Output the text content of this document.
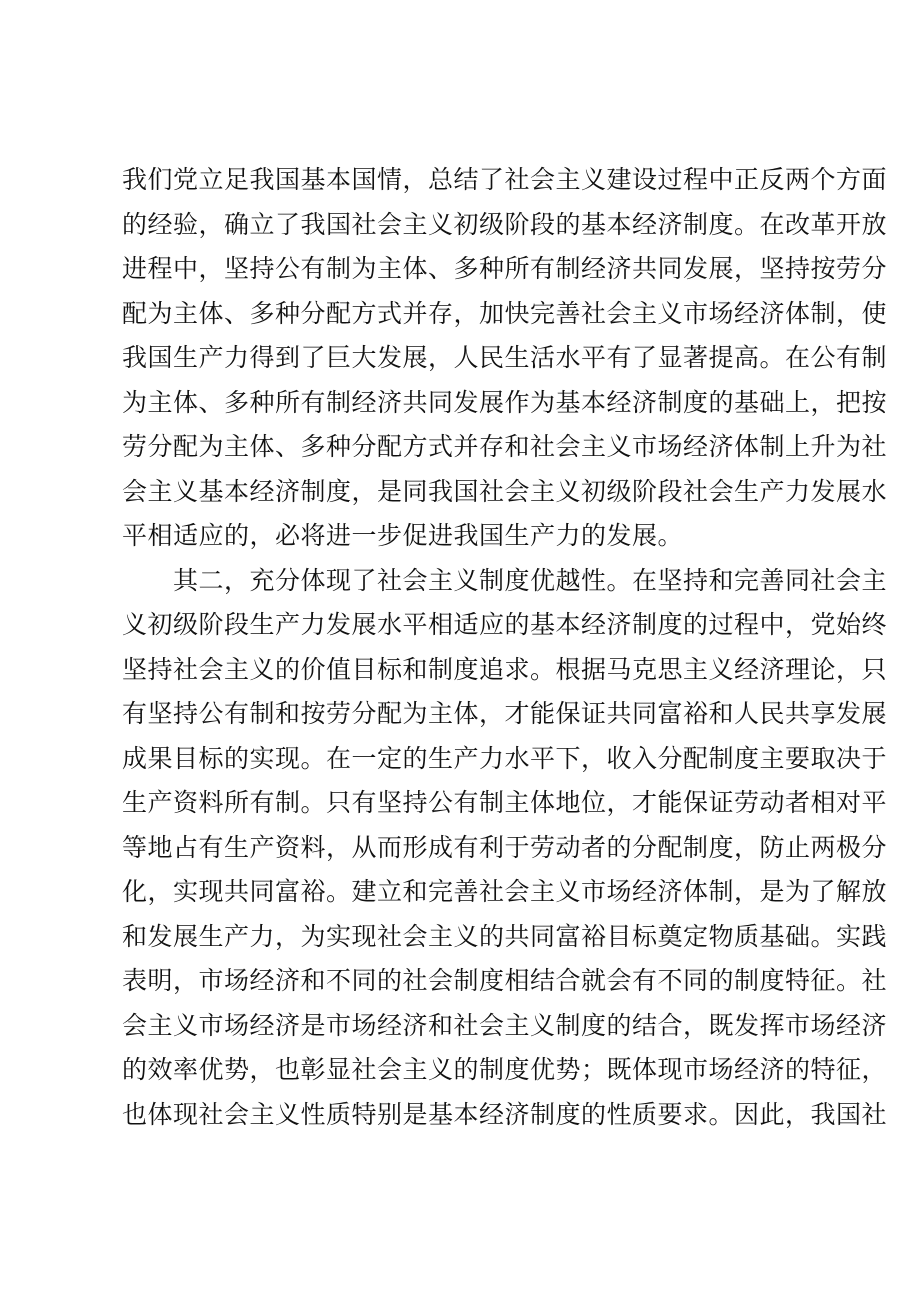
我们党立足我国基本国情，总结了社会主义建设过程中正反两个方面
的经验，确立了我国社会主义初级阶段的基本经济制度。在改革开放
进程中，坚持公有制为主体、多种所有制经济共同发展，坚持按劳分
配为主体、多种分配方式并存，加快完善社会主义市场经济体制，使
我国生产力得到了巨大发展，人民生活水平有了显著提高。在公有制
为主体、多种所有制经济共同发展作为基本经济制度的基础上，把按
劳分配为主体、多种分配方式并存和社会主义市场经济体制上升为社
会主义基本经济制度，是同我国社会主义初级阶段社会生产力发展水
平相适应的，必将进一步促进我国生产力的发展。
　　其二，充分体现了社会主义制度优越性。在坚持和完善同社会主
义初级阶段生产力发展水平相适应的基本经济制度的过程中，党始终
坚持社会主义的价值目标和制度追求。根据马克思主义经济理论，只
有坚持公有制和按劳分配为主体，才能保证共同富裕和人民共享发展
成果目标的实现。在一定的生产力水平下，收入分配制度主要取决于
生产资料所有制。只有坚持公有制主体地位，才能保证劳动者相对平
等地占有生产资料，从而形成有利于劳动者的分配制度，防止两极分
化，实现共同富裕。建立和完善社会主义市场经济体制，是为了解放
和发展生产力，为实现社会主义的共同富裕目标奠定物质基础。实践
表明，市场经济和不同的社会制度相结合就会有不同的制度特征。社
会主义市场经济是市场经济和社会主义制度的结合，既发挥市场经济
的效率优势，也彰显社会主义的制度优势；既体现市场经济的特征，
也体现社会主义性质特别是基本经济制度的性质要求。因此，我国社
